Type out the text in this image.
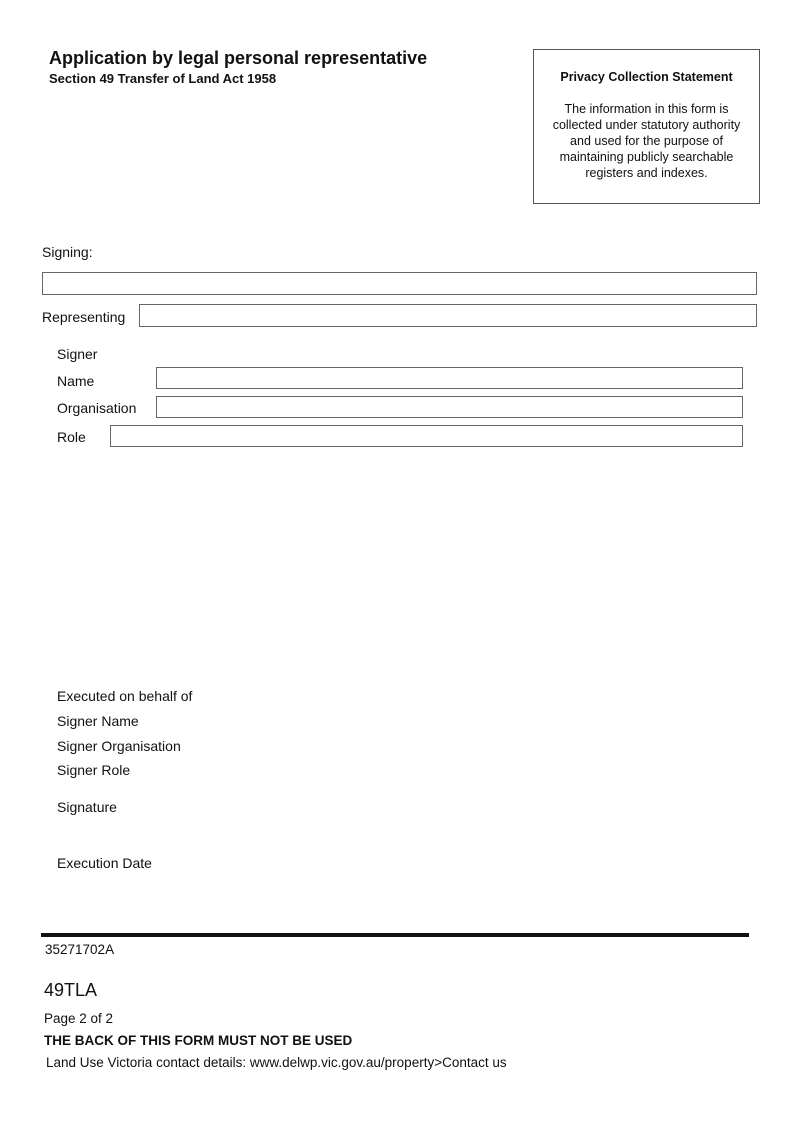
Application by legal personal representative
Section 49 Transfer of Land Act 1958	Privacy Collection Statement
The information in this form is collected under statutory authority and used for the purpose of maintaining publicly searchable registers and indexes.
Signing:
Representing
Signer
Name
Organisation
Role
Executed on behalf of
Signer Name
Signer Organisation
Signer Role
Signature
Execution Date
35271702A
49TLA
Page 2 of 2
THE BACK OF THIS FORM MUST NOT BE USED
Land Use Victoria contact details: www.delwp.vic.gov.au/property>Contact us
